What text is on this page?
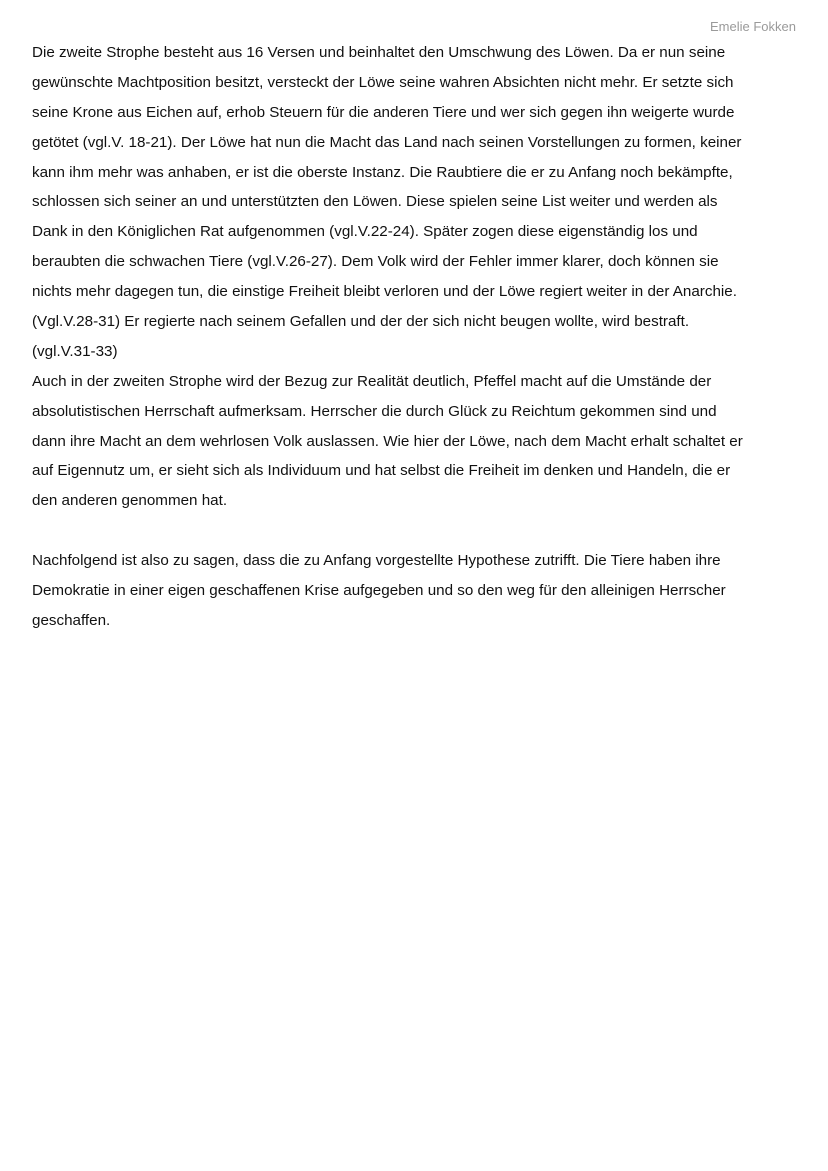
Emelie Fokken
Die zweite Strophe besteht aus 16 Versen und beinhaltet den Umschwung des Löwen. Da er nun seine
gewünschte Machtposition besitzt, versteckt der Löwe seine wahren Absichten nicht mehr. Er setzte sich
seine Krone aus Eichen auf, erhob Steuern für die anderen Tiere und wer sich gegen ihn weigerte wurde
getötet (vgl.V. 18-21). Der Löwe hat nun die Macht das Land nach seinen Vorstellungen zu formen, keiner
kann ihm mehr was anhaben, er ist die oberste Instanz. Die Raubtiere die er zu Anfang noch bekämpfte,
schlossen sich seiner an und unterstützten den Löwen. Diese spielen seine List weiter und werden als
Dank in den Königlichen Rat aufgenommen (vgl.V.22-24). Später zogen diese eigenständig los und
beraubten die schwachen Tiere (vgl.V.26-27). Dem Volk wird der Fehler immer klarer, doch können sie
nichts mehr dagegen tun, die einstige Freiheit bleibt verloren und der Löwe regiert weiter in der Anarchie.
(Vgl.V.28-31) Er regierte nach seinem Gefallen und der der sich nicht beugen wollte, wird bestraft.
(vgl.V.31-33)
Auch in der zweiten Strophe wird der Bezug zur Realität deutlich, Pfeffel macht auf die Umstände der
absolutistischen Herrschaft aufmerksam. Herrscher die durch Glück zu Reichtum gekommen sind und
dann ihre Macht an dem wehrlosen Volk auslassen. Wie hier der Löwe, nach dem Macht erhalt schaltet er
auf Eigennutz um, er sieht sich als Individuum und hat selbst die Freiheit im denken und Handeln, die er
den anderen genommen hat.
Nachfolgend ist also zu sagen, dass die zu Anfang vorgestellte Hypothese zutrifft. Die Tiere haben ihre
Demokratie in einer eigen geschaffenen Krise aufgegeben und so den weg für den alleinigen Herrscher
geschaffen.
